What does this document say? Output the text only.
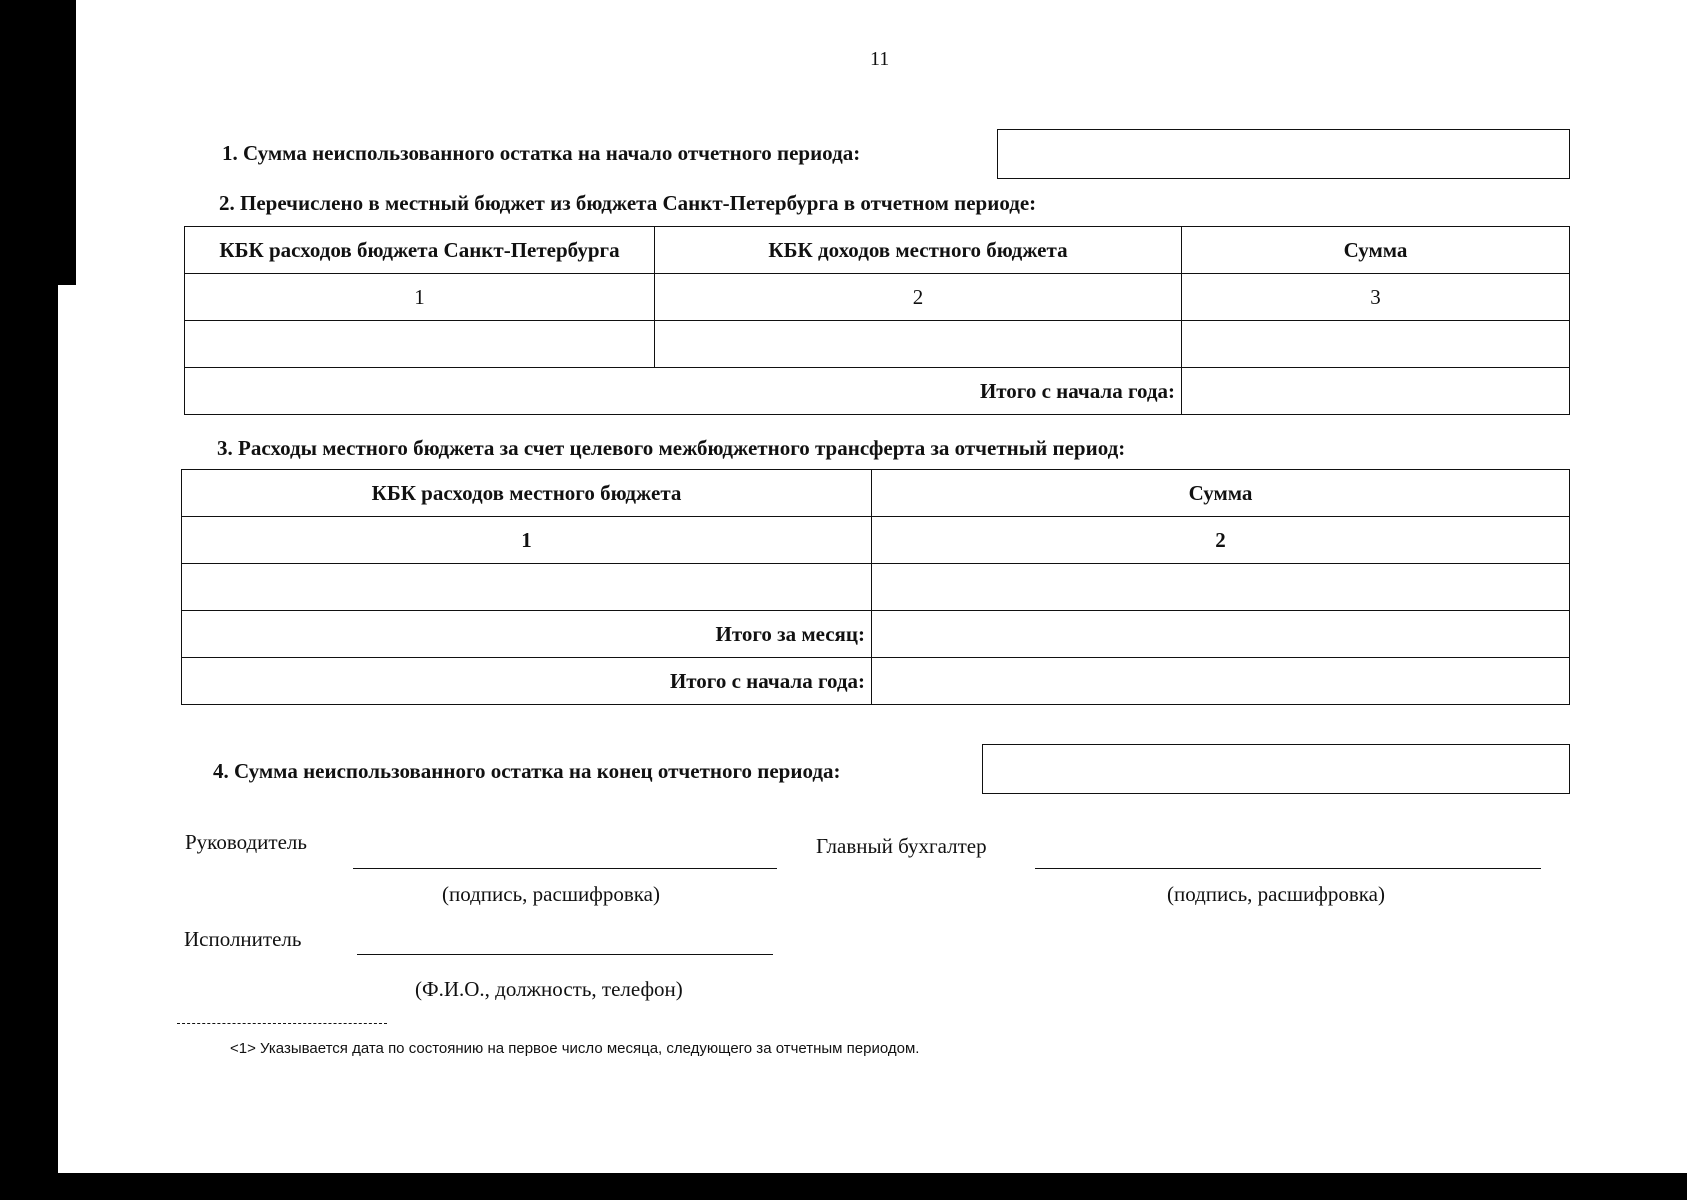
11
1. Сумма неиспользованного остатка на начало отчетного периода:
2. Перечислено в местный бюджет из бюджета Санкт-Петербурга в отчетном периоде:
КБК расходов бюджета Санкт-Петербурга	КБК доходов местного бюджета	Сумма
1	2	3

Итого с начала года:		
3. Расходы местного бюджета за счет целевого межбюджетного трансферта за отчетный период:
КБК расходов местного бюджета	Сумма
1	2

Итого за месяц:	
Итого с начала года:	
4. Сумма неиспользованного остатка на конец отчетного периода:
Руководитель
(подпись, расшифровка)
Главный бухгалтер
(подпись, расшифровка)
Исполнитель
(Ф.И.О., должность, телефон)
<1> Указывается дата по состоянию на первое число месяца, следующего за отчетным периодом.
